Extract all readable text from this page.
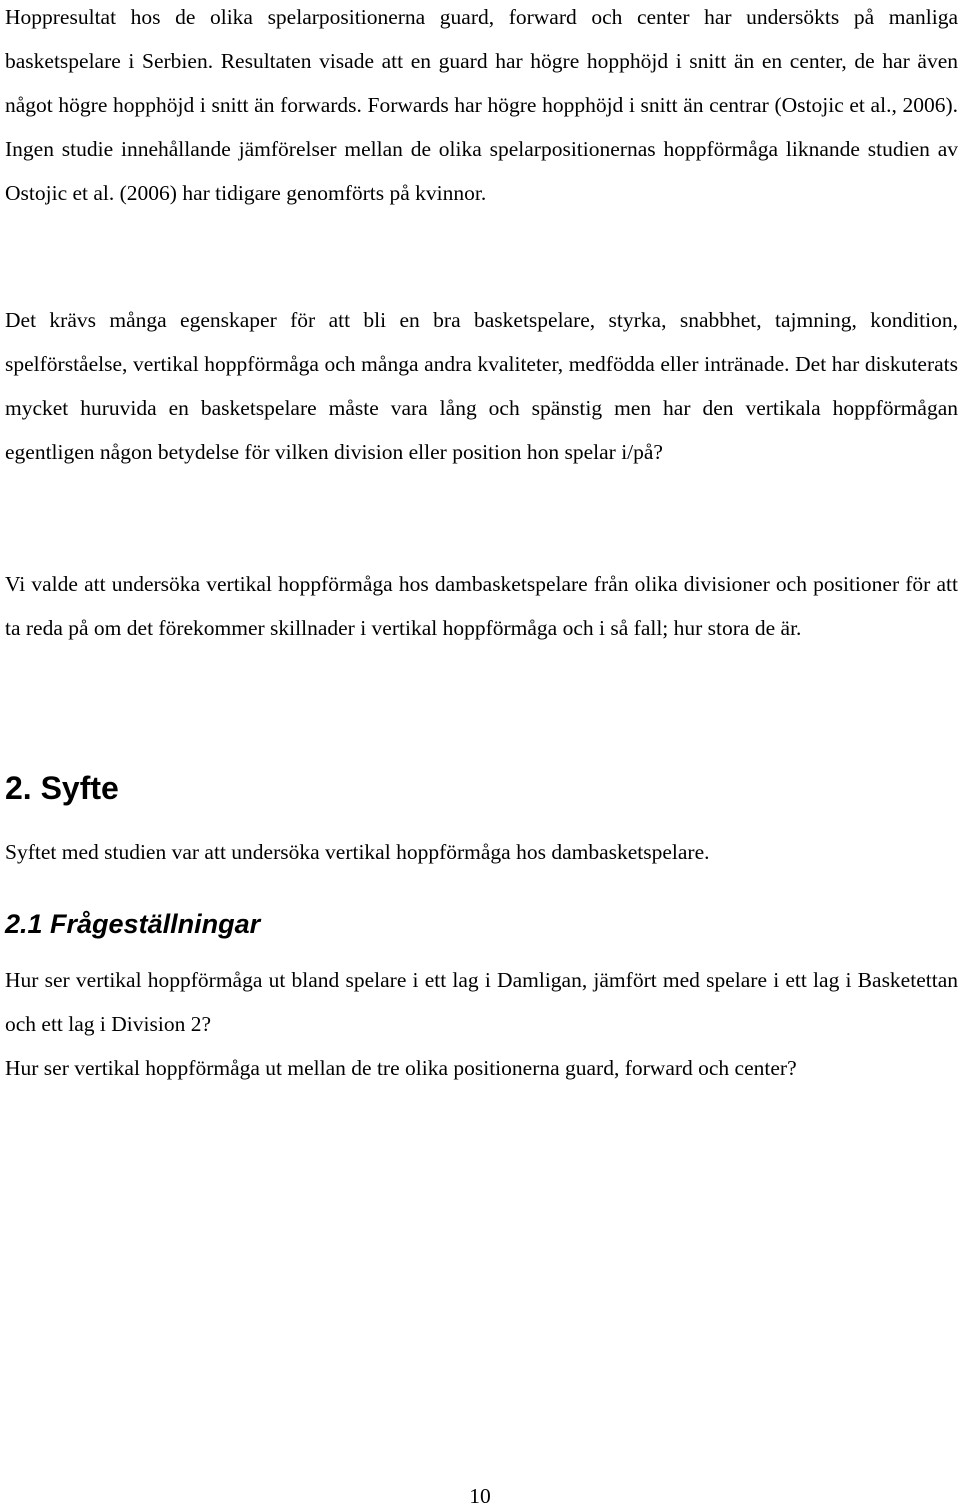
Hoppresultat hos de olika spelarpositionerna guard, forward och center har undersökts på manliga basketspelare i Serbien. Resultaten visade att en guard har högre hopphöjd i snitt än en center, de har även något högre hopphöjd i snitt än forwards. Forwards har högre hopphöjd i snitt än centrar (Ostojic et al., 2006). Ingen studie innehållande jämförelser mellan de olika spelarpositionernas hoppförmåga liknande studien av Ostojic et al. (2006) har tidigare genomförts på kvinnor.

Det krävs många egenskaper för att bli en bra basketspelare, styrka, snabbhet, tajmning, kondition, spelförståelse, vertikal hoppförmåga och många andra kvaliteter, medfödda eller intränade. Det har diskuterats mycket huruvida en basketspelare måste vara lång och spänstig men har den vertikala hoppförmågan egentligen någon betydelse för vilken division eller position hon spelar i/på?

Vi valde att undersöka vertikal hoppförmåga hos dambasketspelare från olika divisioner och positioner för att ta reda på om det förekommer skillnader i vertikal hoppförmåga och i så fall; hur stora de är.

2. Syfte

Syftet med studien var att undersöka vertikal hoppförmåga hos dambasketspelare.

2.1 Frågeställningar

Hur ser vertikal hoppförmåga ut bland spelare i ett lag i Damligan, jämfört med spelare i ett lag i Basketettan och ett lag i Division 2?

Hur ser vertikal hoppförmåga ut mellan de tre olika positionerna guard, forward och center?

10
